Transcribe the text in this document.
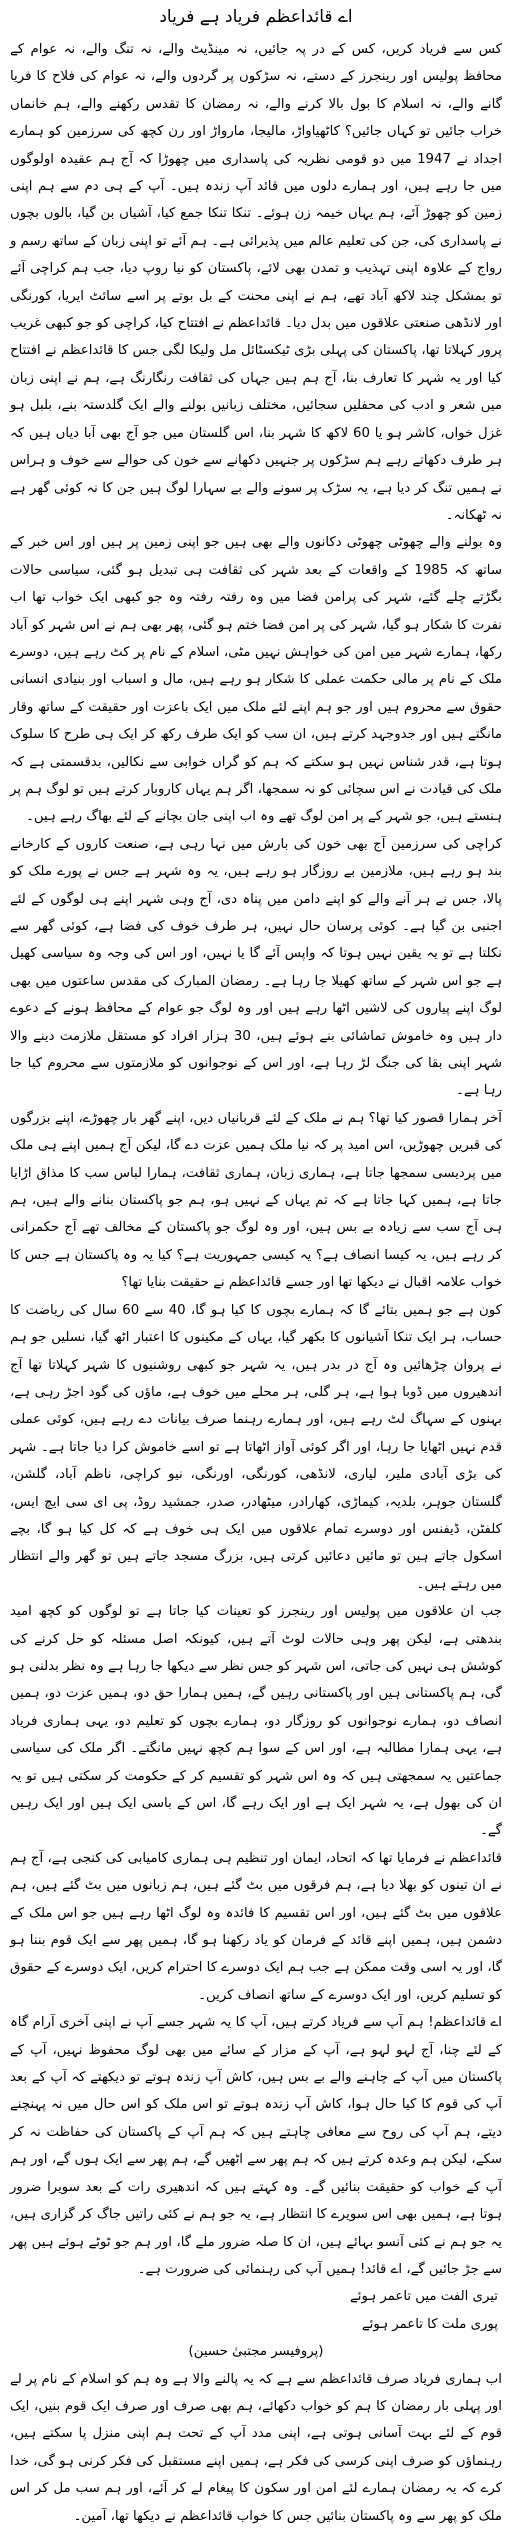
اے قائداعظم فریاد ہے فریاد

کس سے فریاد کریں، کس کے در پہ جائیں، نہ مینڈیٹ والے، نہ تنگ والے، نہ عوام کے محافظ پولیس اور رینجرز کے دستے، نہ سڑکوں پر گردوں والے، نہ عوام کی فلاح کا فریا گانے والے، نہ اسلام کا بول بالا کرنے والے، نہ رمضان کا تقدس رکھنے والے، ہم خانماں خراب جائیں تو کہاں جائیں؟ کاٹھیاواڑ، مالیجا، مارواڑ اور رن کچھ کی سرزمین کو ہمارے اجداد نے 1947 میں دو قومی نظریہ کی پاسداری میں چھوڑا کہ آج ہم عقیدہ اولوگوں میں جا رہے ہیں، اور ہمارے دلوں میں قائد آپ زندہ ہیں۔ آپ کے ہی دم سے ہم اپنی زمین کو چھوڑ آئے، ہم یہاں خیمہ زن ہوئے۔ تنکا تنکا جمع کیا، آشیاں بن گیا، بالوں بچوں نے پاسداری کی، جن کی تعلیم عالم میں پذیرائی ہے۔ ہم آئے تو اپنی زبان کے ساتھ رسم و رواج کے علاوہ اپنی تہذیب و تمدن بھی لائے، پاکستان کو نیا روپ دیا، جب ہم کراچی آئے تو بمشکل چند لاکھ آباد تھے، ہم نے اپنی محنت کے بل بوتے پر اسے سائٹ ایریا، کورنگی اور لانڈھی صنعتی علاقوں میں بدل دیا۔ قائداعظم نے افتتاح کیا، کراچی کو جو کبھی غریب پرور کہلاتا تھا، پاکستان کی پہلی بڑی ٹیکسٹائل مل ولیکا لگی جس کا قائداعظم نے افتتاح کیا اور یہ شہر کا تعارف بنا، آج ہم ہیں جہاں کی ثقافت رنگارنگ ہے، ہم نے اپنی زبان میں شعر و ادب کی محفلیں سجائیں، مختلف زبانیں بولنے والے ایک گلدستہ بنے، بلبل ہو غزل خواں، کاشر ہو یا 60 لاکھ کا شہر بنا، اس گلستان میں جو آج بھی آبا دیاں ہیں کہ ہر طرف دکھاتے رہے ہم سڑکوں پر جنہیں دکھانے سے خون کی حوالے سے خوف و ہراس نے ہمیں تنگ کر دیا ہے، یہ سڑک پر سونے والے بے سہارا لوگ ہیں جن کا نہ کوئی گھر ہے نہ ٹھکانہ۔

وہ بولنے والے چھوٹی چھوٹی دکانوں والے بھی ہیں جو اپنی زمین پر ہیں اور اس خبر کے ساتھ کہ 1985 کے واقعات کے بعد شہر کی ثقافت ہی تبدیل ہو گئی، سیاسی حالات بگڑتے چلے گئے، شہر کی پرامن فضا میں وہ رفتہ رفتہ وہ جو کبھی ایک خواب تھا اب نفرت کا شکار ہو گیا، شہر کی پر امن فضا ختم ہو گئی، پھر بھی ہم نے اس شہر کو آباد رکھا، ہمارے شہر میں امن کی خواہش نہیں مٹی، اسلام کے نام پر کٹ رہے ہیں، دوسرے ملک کے نام پر مالی حکمت عملی کا شکار ہو رہے ہیں، مال و اسباب اور بنیادی انسانی حقوق سے محروم ہیں اور جو ہم اپنے لئے ملک میں ایک باعزت اور حقیقت کے ساتھ وقار مانگتے ہیں اور جدوجہد کرتے ہیں، ان سب کو ایک طرف رکھ کر ایک ہی طرح کا سلوک ہوتا ہے، قدر شناس نہیں ہو سکتے کہ ہم کو گراں خوابی سے نکالیں، بدقسمتی ہے کہ ملک کی قیادت نے اس سچائی کو نہ سمجھا، اگر ہم یہاں کاروبار کرتے ہیں تو لوگ ہم پر ہنستے ہیں، جو شہر کے پر امن لوگ تھے وہ اب اپنی جان بچانے کے لئے بھاگ رہے ہیں۔

کراچی کی سرزمین آج بھی خون کی بارش میں نہا رہی ہے، صنعت کاروں کے کارخانے بند ہو رہے ہیں، ملازمین بے روزگار ہو رہے ہیں، یہ وہ شہر ہے جس نے پورے ملک کو پالا، جس نے ہر آنے والے کو اپنے دامن میں پناہ دی، آج وہی شہر اپنے ہی لوگوں کے لئے اجنبی بن گیا ہے۔ کوئی پرسان حال نہیں، ہر طرف خوف کی فضا ہے، کوئی گھر سے نکلتا ہے تو یہ یقین نہیں ہوتا کہ واپس آئے گا یا نہیں، اور اس کی وجہ وہ سیاسی کھیل ہے جو اس شہر کے ساتھ کھیلا جا رہا ہے۔ رمضان المبارک کی مقدس ساعتوں میں بھی لوگ اپنے پیاروں کی لاشیں اٹھا رہے ہیں اور وہ لوگ جو عوام کے محافظ ہونے کے دعوے دار ہیں وہ خاموش تماشائی بنے ہوئے ہیں، 30 ہزار افراد کو مستقل ملازمت دینے والا شہر اپنی بقا کی جنگ لڑ رہا ہے، اور اس کے نوجوانوں کو ملازمتوں سے محروم کیا جا رہا ہے۔

آخر ہمارا قصور کیا تھا؟ ہم نے ملک کے لئے قربانیاں دیں، اپنے گھر بار چھوڑے، اپنے بزرگوں کی قبریں چھوڑیں، اس امید پر کہ نیا ملک ہمیں عزت دے گا، لیکن آج ہمیں اپنے ہی ملک میں پردیسی سمجھا جاتا ہے، ہماری زبان، ہماری ثقافت، ہمارا لباس سب کا مذاق اڑایا جاتا ہے، ہمیں کہا جاتا ہے کہ تم یہاں کے نہیں ہو، ہم جو پاکستان بنانے والے ہیں، ہم ہی آج سب سے زیادہ بے بس ہیں، اور وہ لوگ جو پاکستان کے مخالف تھے آج حکمرانی کر رہے ہیں، یہ کیسا انصاف ہے؟ یہ کیسی جمہوریت ہے؟ کیا یہ وہ پاکستان ہے جس کا خواب علامہ اقبال نے دیکھا تھا اور جسے قائداعظم نے حقیقت بنایا تھا؟

کون ہے جو ہمیں بتائے گا کہ ہمارے بچوں کا کیا ہو گا، 40 سے 60 سال کی ریاضت کا حساب، ہر ایک تنکا آشیانوں کا بکھر گیا، یہاں کے مکینوں کا اعتبار اٹھ گیا، نسلیں جو ہم نے پروان چڑھائیں وہ آج در بدر ہیں، یہ شہر جو کبھی روشنیوں کا شہر کہلاتا تھا آج اندھیروں میں ڈوبا ہوا ہے، ہر گلی، ہر محلے میں خوف ہے، ماؤں کی گود اجڑ رہی ہے، بہنوں کے سہاگ لٹ رہے ہیں، اور ہمارے رہنما صرف بیانات دے رہے ہیں، کوئی عملی قدم نہیں اٹھایا جا رہا، اور اگر کوئی آواز اٹھاتا ہے تو اسے خاموش کرا دیا جاتا ہے۔ شہر کی بڑی آبادی ملیر، لیاری، لانڈھی، کورنگی، اورنگی، نیو کراچی، ناظم آباد، گلشن، گلستان جوہر، بلدیہ، کیماڑی، کھارادر، میٹھادر، صدر، جمشید روڈ، پی ای سی ایچ ایس، کلفٹن، ڈیفنس اور دوسرے تمام علاقوں میں ایک ہی خوف ہے کہ کل کیا ہو گا، بچے اسکول جاتے ہیں تو مائیں دعائیں کرتی ہیں، بزرگ مسجد جاتے ہیں تو گھر والے انتظار میں رہتے ہیں۔

جب ان علاقوں میں پولیس اور رینجرز کو تعینات کیا جاتا ہے تو لوگوں کو کچھ امید بندھتی ہے، لیکن پھر وہی حالات لوٹ آتے ہیں، کیونکہ اصل مسئلہ کو حل کرنے کی کوشش ہی نہیں کی جاتی، اس شہر کو جس نظر سے دیکھا جا رہا ہے وہ نظر بدلنی ہو گی، ہم پاکستانی ہیں اور پاکستانی رہیں گے، ہمیں ہمارا حق دو، ہمیں عزت دو، ہمیں انصاف دو، ہمارے نوجوانوں کو روزگار دو، ہمارے بچوں کو تعلیم دو، یہی ہماری فریاد ہے، یہی ہمارا مطالبہ ہے، اور اس کے سوا ہم کچھ نہیں مانگتے۔ اگر ملک کی سیاسی جماعتیں یہ سمجھتی ہیں کہ وہ اس شہر کو تقسیم کر کے حکومت کر سکتی ہیں تو یہ ان کی بھول ہے، یہ شہر ایک ہے اور ایک رہے گا، اس کے باسی ایک ہیں اور ایک رہیں گے۔

قائداعظم نے فرمایا تھا کہ اتحاد، ایمان اور تنظیم ہی ہماری کامیابی کی کنجی ہے، آج ہم نے ان تینوں کو بھلا دیا ہے، ہم فرقوں میں بٹ گئے ہیں، ہم زبانوں میں بٹ گئے ہیں، ہم علاقوں میں بٹ گئے ہیں، اور اس تقسیم کا فائدہ وہ لوگ اٹھا رہے ہیں جو اس ملک کے دشمن ہیں، ہمیں اپنے قائد کے فرمان کو یاد رکھنا ہو گا، ہمیں پھر سے ایک قوم بننا ہو گا، اور یہ اسی وقت ممکن ہے جب ہم ایک دوسرے کا احترام کریں، ایک دوسرے کے حقوق کو تسلیم کریں، اور ایک دوسرے کے ساتھ انصاف کریں۔

اے قائداعظم! ہم آپ سے فریاد کرتے ہیں، آپ کا یہ شہر جسے آپ نے اپنی آخری آرام گاہ کے لئے چنا، آج لہو لہو ہے، آپ کے مزار کے سائے میں بھی لوگ محفوظ نہیں، آپ کے پاکستان میں آپ کے چاہنے والے بے بس ہیں، کاش آپ زندہ ہوتے تو دیکھتے کہ آپ کے بعد آپ کی قوم کا کیا حال ہوا، کاش آپ زندہ ہوتے تو اس ملک کو اس حال میں نہ پہنچنے دیتے، ہم آپ کی روح سے معافی چاہتے ہیں کہ ہم آپ کے پاکستان کی حفاظت نہ کر سکے، لیکن ہم وعدہ کرتے ہیں کہ ہم پھر سے اٹھیں گے، ہم پھر سے ایک ہوں گے، اور ہم آپ کے خواب کو حقیقت بنائیں گے۔ وہ کہتے ہیں کہ اندھیری رات کے بعد سویرا ضرور ہوتا ہے، ہمیں بھی اس سویرے کا انتظار ہے، یہ جو ہم نے کئی راتیں جاگ کر گزاری ہیں، یہ جو ہم نے کئی آنسو بہائے ہیں، ان کا صلہ ضرور ملے گا، اور ہم جو ٹوٹے ہوئے ہیں پھر سے جڑ جائیں گے، اے قائد! ہمیں آپ کی رہنمائی کی ضرورت ہے۔

تیری الفت میں تاعمر ہوئے
پوری ملت کا تاعمر ہوئے
(پروفیسر مجتبیٰ حسین)

اب ہماری فریاد صرف قائداعظم سے ہے کہ یہ پالنے والا ہے وہ ہم کو اسلام کے نام پر لے اور پہلی بار رمضان کا ہم کو خواب دکھائے، ہم بھی صرف اور صرف ایک قوم بنیں، ایک قوم کے لئے بہت آسانی ہوتی ہے، اپنی مدد آپ کے تحت ہم اپنی منزل پا سکتے ہیں، رہنماؤں کو صرف اپنی کرسی کی فکر ہے، ہمیں اپنے مستقبل کی فکر کرنی ہو گی، خدا کرے کہ یہ رمضان ہمارے لئے امن اور سکون کا پیغام لے کر آئے، اور ہم سب مل کر اس ملک کو پھر سے وہ پاکستان بنائیں جس کا خواب قائداعظم نے دیکھا تھا، آمین۔
